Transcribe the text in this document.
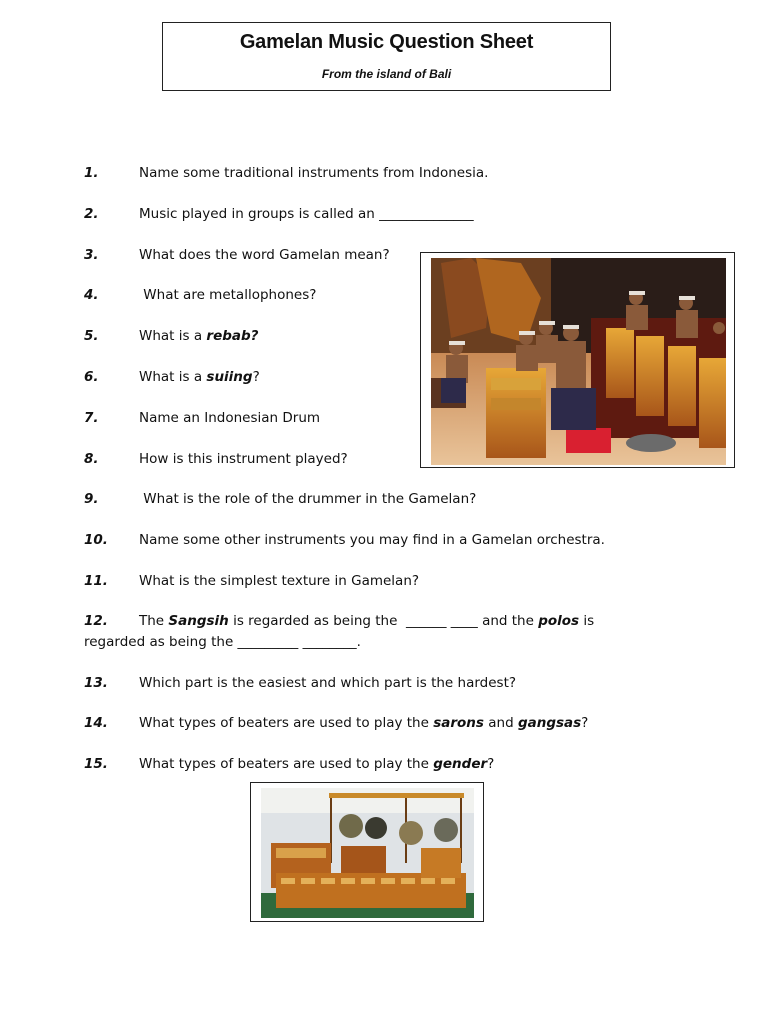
Gamelan Music Question Sheet
From the island of Bali
1.	Name some traditional instruments from Indonesia.
2.	Music played in groups is called an ______________
3.	What does the word Gamelan mean?
4.	What are metallophones?
5.	What is a rebab?
6.	What is a suiing?
7.	Name an Indonesian Drum
8.	How is this instrument played?
9.	What is the role of the drummer in the Gamelan?
10. Name some other instruments you may find in a Gamelan orchestra.
11. What is the simplest texture in Gamelan?
12. The Sangsih is regarded as being the  ______ ____ and the polos is
regarded as being the _________ ________.
13. Which part is the easiest and which part is the hardest?
14. What types of beaters are used to play the sarons and gangsas?
15. What types of beaters are used to play the gender?
